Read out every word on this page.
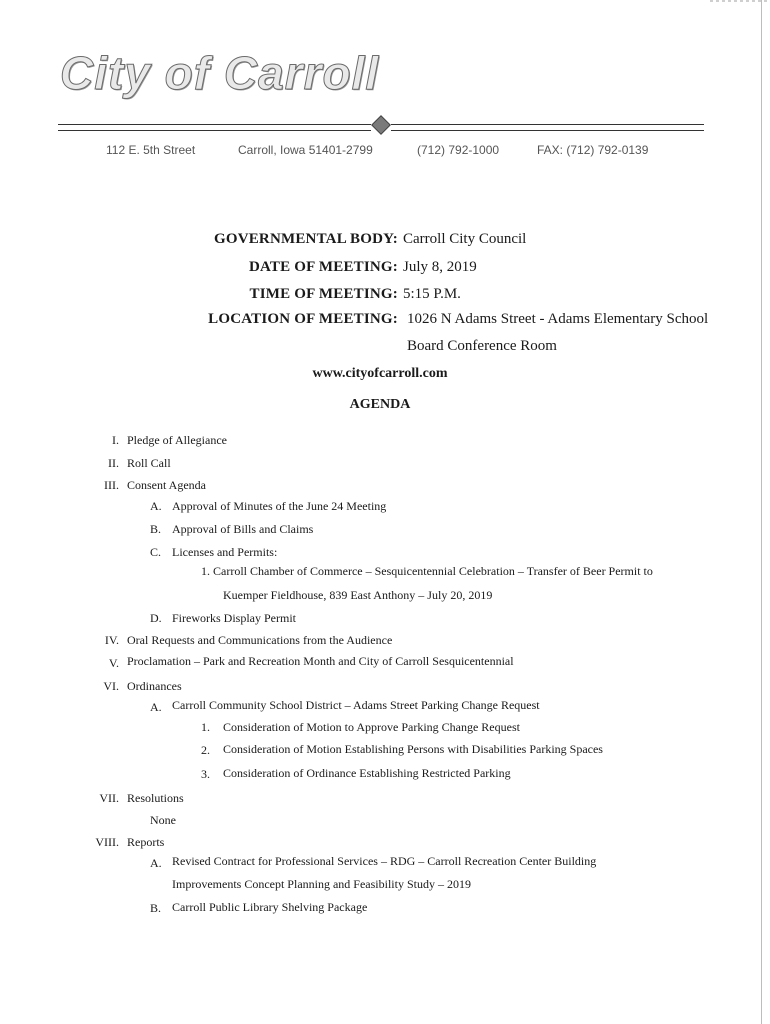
City of Carroll
112 E. 5th Street	Carroll, Iowa 51401-2799	(712) 792-1000	FAX: (712) 792-0139
GOVERNMENTAL BODY: Carroll City Council
DATE OF MEETING: July 8, 2019
TIME OF MEETING: 5:15 P.M.
LOCATION OF MEETING: 1026 N Adams Street - Adams Elementary School
Board Conference Room
www.cityofcarroll.com
AGENDA
I. Pledge of Allegiance
II. Roll Call
III. Consent Agenda
A. Approval of Minutes of the June 24 Meeting
B. Approval of Bills and Claims
C. Licenses and Permits:
1. Carroll Chamber of Commerce – Sesquicentennial Celebration – Transfer of Beer Permit to
Kuemper Fieldhouse, 839 East Anthony – July 20, 2019
D. Fireworks Display Permit
IV. Oral Requests and Communications from the Audience
V. Proclamation – Park and Recreation Month and City of Carroll Sesquicentennial
VI. Ordinances
A. Carroll Community School District – Adams Street Parking Change Request
1. Consideration of Motion to Approve Parking Change Request
2. Consideration of Motion Establishing Persons with Disabilities Parking Spaces
3. Consideration of Ordinance Establishing Restricted Parking
VII. Resolutions
None
VIII. Reports
A. Revised Contract for Professional Services – RDG – Carroll Recreation Center Building
Improvements Concept Planning and Feasibility Study – 2019
B. Carroll Public Library Shelving Package
